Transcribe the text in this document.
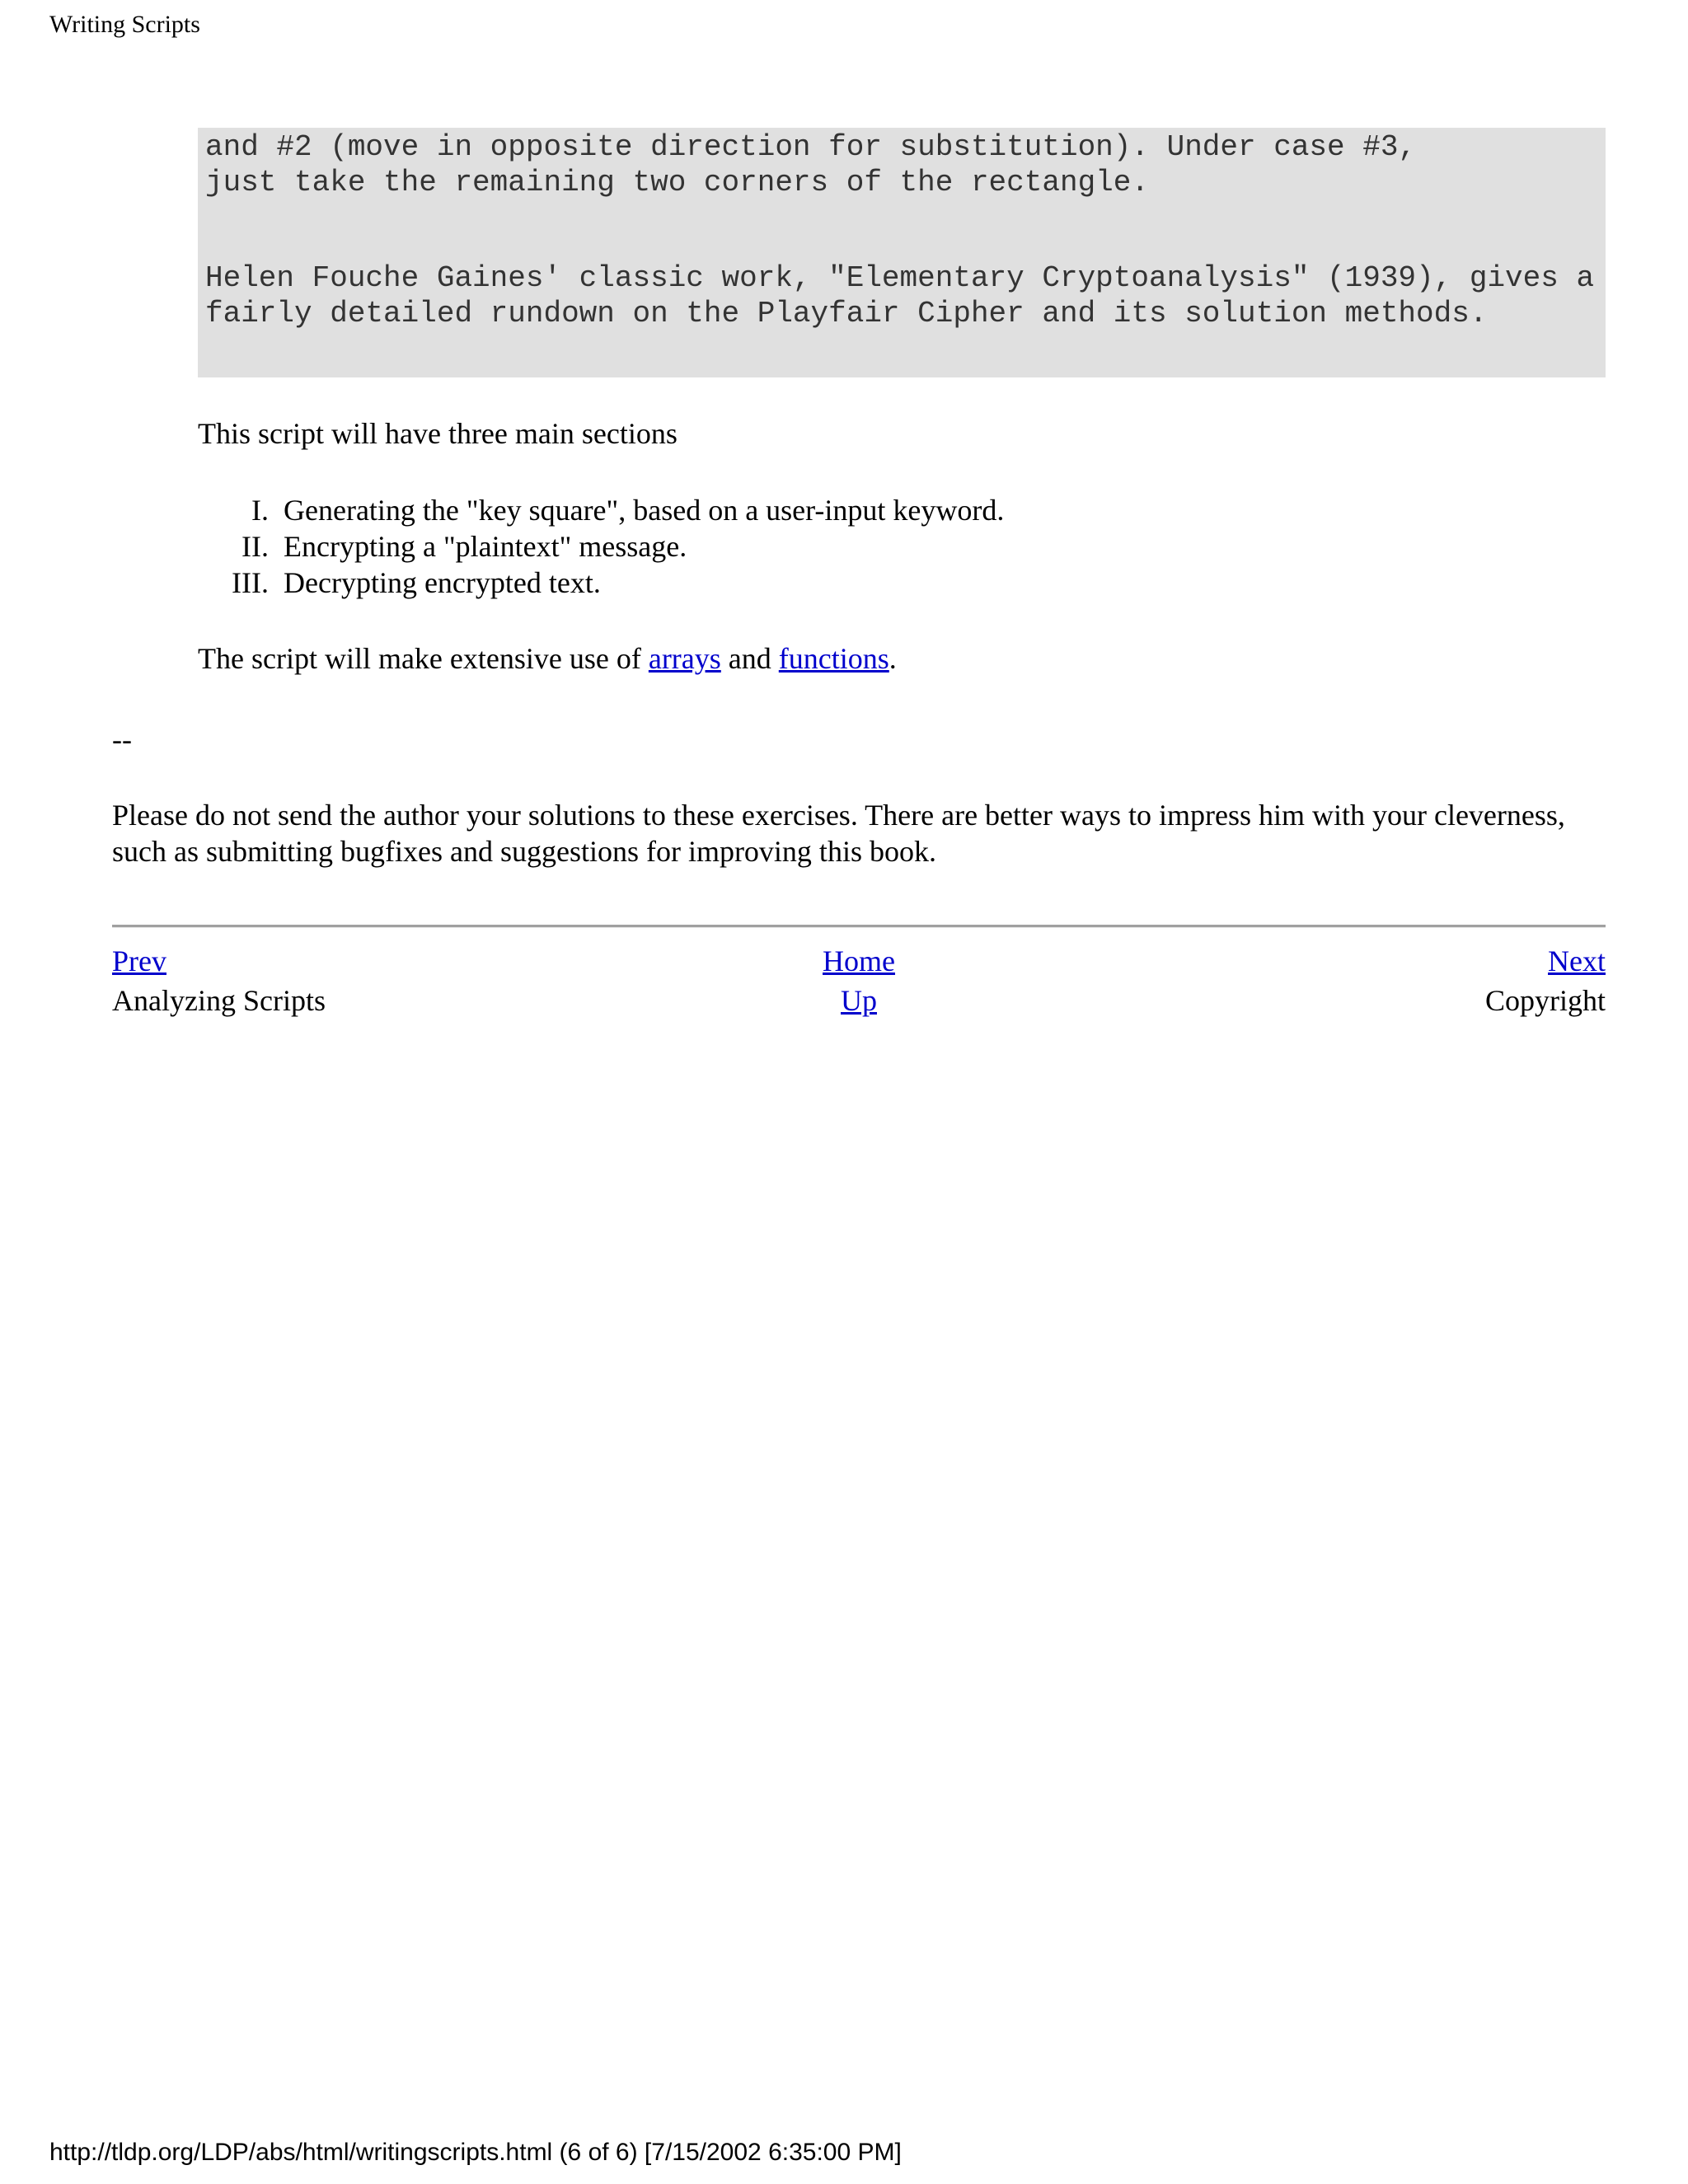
Writing Scripts
and #2 (move in opposite direction for substitution). Under case #3,
just take the remaining two corners of the rectangle.
Helen Fouche Gaines' classic work, "Elementary Cryptoanalysis" (1939), gives a
fairly detailed rundown on the Playfair Cipher and its solution methods.
This script will have three main sections
I. Generating the "key square", based on a user-input keyword.
II. Encrypting a "plaintext" message.
III. Decrypting encrypted text.
The script will make extensive use of arrays and functions.
--
Please do not send the author your solutions to these exercises. There are better ways to impress him with your cleverness, such as submitting bugfixes and suggestions for improving this book.
Prev
Analyzing Scripts
Home
Up
Next
Copyright
http://tldp.org/LDP/abs/html/writingscripts.html (6 of 6) [7/15/2002 6:35:00 PM]
